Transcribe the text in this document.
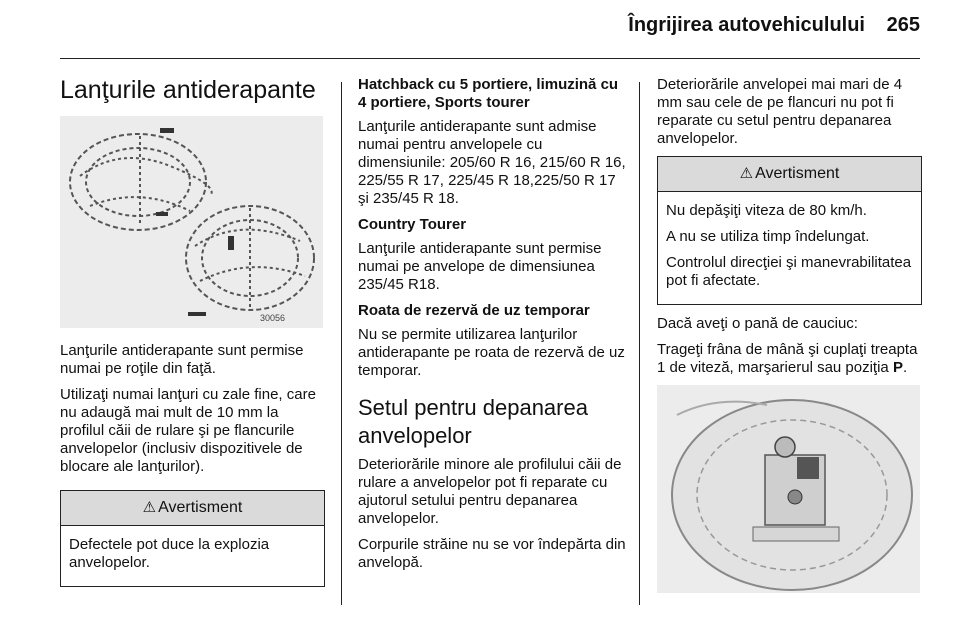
Îngrijirea autovehiculului 265
Lanţurile antiderapante
30056

Lanţurile antiderapante sunt permise numai pe roţile din faţă.

Utilizaţi numai lanţuri cu zale fine, care nu adaugă mai mult de 10 mm la profilul căii de rulare şi pe flancurile anvelopelor (inclusiv dispozitivele de blocare ale lanţurilor).

⚠ Avertisment

Defectele pot duce la explozia anvelopelor.

Hatchback cu 5 portiere, limuzină cu 4 portiere, Sports tourer

Lanţurile antiderapante sunt admise numai pentru anvelopele cu dimensiunile: 205/60 R 16, 215/60 R 16, 225/55 R 17, 225/45 R 18,225/50 R 17 şi 235/45 R 18.

Country Tourer

Lanţurile antiderapante sunt permise numai pe anvelope de dimensiunea 235/45 R18.

Roata de rezervă de uz temporar

Nu se permite utilizarea lanţurilor antiderapante pe roata de rezervă de uz temporar.

Setul pentru depanarea anvelopelor

Deteriorările minore ale profilului căii de rulare a anvelopelor pot fi reparate cu ajutorul setului pentru depanarea anvelopelor.

Corpurile străine nu se vor îndepărta din anvelopă.

Deteriorările anvelopei mai mari de 4 mm sau cele de pe flancuri nu pot fi reparate cu setul pentru depanarea anvelopelor.

⚠ Avertisment

Nu depăşiţi viteza de 80 km/h.

A nu se utiliza timp îndelungat.

Controlul direcţiei şi manevrabilitatea pot fi afectate.

Dacă aveţi o pană de cauciuc:

Trageţi frâna de mână şi cuplaţi treapta 1 de viteză, marşarierul sau poziţia P.
